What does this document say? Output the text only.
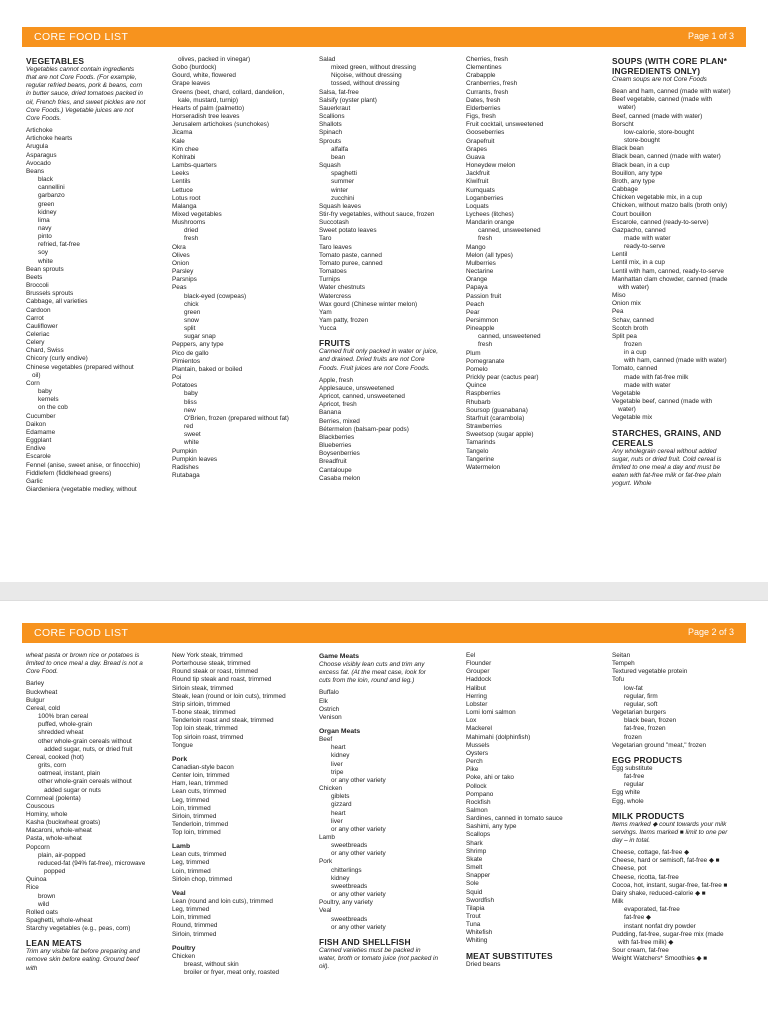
CORE FOOD LIST	Page 1 of 3
VEGETABLES
Vegetables cannot contain ingredients that are not Core Foods. (For example, regular refried beans, pork & beans, corn in butter sauce, dried tomatoes packed in oil, French fries, and sweet pickles are not Core Foods.) Vegetable juices are not Core Foods.
Artichoke
Artichoke hearts
Arugula
Asparagus
Avocado
Beans
black
cannellini
garbanzo
green
kidney
lima
navy
pinto
refried, fat-free
soy
white
Bean sprouts
Beets
Broccoli
Brussels sprouts
Cabbage, all varieties
Cardoon
Carrot
Cauliflower
Celeriac
Celery
Chard, Swiss
Chicory (curly endive)
Chinese vegetables (prepared without
oil)
Corn
baby
kernels
on the cob
Cucumber
Daikon
Edamame
Eggplant
Endive
Escarole
Fennel (anise, sweet anise, or finocchio)
Fiddlefern (fiddlehead greens)
Garlic
Giardeniera (vegetable medley, without
olives, packed in vinegar)
Gobo (burdock)
Gourd, white, flowered
Grape leaves
Greens (beet, chard, collard, dandelion,
kale, mustard, turnip)
Hearts of palm (palmetto)
Horseradish tree leaves
Jerusalem artichokes (sunchokes)
Jicama
Kale
Kim chee
Kohlrabi
Lambs-quarters
Leeks
Lentils
Lettuce
Lotus root
Malanga
Mixed vegetables
Mushrooms
dried
fresh
Okra
Olives
Onion
Parsley
Parsnips
Peas
black-eyed (cowpeas)
chick
green
snow
split
sugar snap
Peppers, any type
Pico de gallo
Pimientos
Plantain, baked or boiled
Poi
Potatoes
baby
bliss
new
O'Brien, frozen (prepared without fat)
red
sweet
white
Pumpkin
Pumpkin leaves
Radishes
Rutabaga
Salad
mixed green, without dressing
Niçoise, without dressing
tossed, without dressing
Salsa, fat-free
Salsify (oyster plant)
Sauerkraut
Scallions
Shallots
Spinach
Sprouts
alfalfa
bean
Squash
spaghetti
summer
winter
zucchini
Squash leaves
Stir-fry vegetables, without sauce, frozen
Succotash
Sweet potato leaves
Taro
Taro leaves
Tomato paste, canned
Tomato puree, canned
Tomatoes
Turnips
Water chestnuts
Watercress
Wax gourd (Chinese winter melon)
Yam
Yam patty, frozen
Yucca
FRUITS
Canned fruit only packed in water or juice, and drained. Dried fruits are not Core Foods. Fruit juices are not Core Foods.
Apple, fresh
Applesauce, unsweetened
Apricot, canned, unsweetened
Apricot, fresh
Banana
Berries, mixed
Bétermelon (balsam-pear pods)
Blackberries
Blueberries
Boysenberries
Breadfruit
Cantaloupe
Casaba melon
Cherries, fresh
Clementines
Crabapple
Cranberries, fresh
Currants, fresh
Dates, fresh
Elderberries
Figs, fresh
Fruit cocktail, unsweetened
Gooseberries
Grapefruit
Grapes
Guava
Honeydew melon
Jackfruit
Kiwifruit
Kumquats
Loganberries
Loquats
Lychees (litches)
Mandarin orange
canned, unsweetened
fresh
Mango
Melon (all types)
Mulberries
Nectarine
Orange
Papaya
Passion fruit
Peach
Pear
Persimmon
Pineapple
canned, unsweetened
fresh
Plum
Pomegranate
Pomelo
Prickly pear (cactus pear)
Quince
Raspberries
Rhubarb
Soursop (guanabana)
Starfruit (carambola)
Strawberries
Sweetsop (sugar apple)
Tamarinds
Tangelo
Tangerine
Watermelon
SOUPS (WITH CORE PLAN* INGREDIENTS ONLY)
Cream soups are not Core Foods
Bean and ham, canned (made with water)
Beef vegetable, canned (made with
water)
Beef, canned (made with water)
Borscht
low-calorie, store-bought
store-bought
Black bean
Black bean, canned (made with water)
Black bean, in a cup
Bouillon, any type
Broth, any type
Cabbage
Chicken vegetable mix, in a cup
Chicken, without matzo balls (broth only)
Court bouillon
Escarole, canned (ready-to-serve)
Gazpacho, canned
made with water
ready-to-serve
Lentil
Lentil mix, in a cup
Lentil with ham, canned, ready-to-serve
Manhattan clam chowder, canned (made
with water)
Miso
Onion mix
Pea
Schav, canned
Scotch broth
Split pea
frozen
in a cup
with ham, canned (made with water)
Tomato, canned
made with fat-free milk
made with water
Vegetable
Vegetable beef, canned (made with
water)
Vegetable mix
STARCHES, GRAINS, AND CEREALS
Any wholegrain cereal without added sugar, nuts or dried fruit. Cold cereal is limited to one meal a day and must be eaten with fat-free milk or fat-free plain yogurt. Whole
CORE FOOD LIST	Page 2 of 3
wheat pasta or brown rice or potatoes is limited to once meal a day. Bread is not a Core Food.
Barley
Buckwheat
Bulgur
Cereal, cold
100% bran cereal
puffed, whole-grain
shredded wheat
other whole-grain cereals without
added sugar, nuts, or dried fruit
Cereal, cooked (hot)
grits, corn
oatmeal, instant, plain
other whole-grain cereals without
added sugar or nuts
Cornmeal (polenta)
Couscous
Hominy, whole
Kasha (buckwheat groats)
Macaroni, whole-wheat
Pasta, whole-wheat
Popcorn
plain, air-popped
reduced-fat (94% fat-free), microwave
popped
Quinoa
Rice
brown
wild
Rolled oats
Spaghetti, whole-wheat
Starchy vegetables (e.g., peas, corn)
LEAN MEATS
Trim any visible fat before preparing and remove skin before eating. Ground beef with
New York steak, trimmed
Porterhouse steak, trimmed
Round steak or roast, trimmed
Round tip steak and roast, trimmed
Sirloin steak, trimmed
Steak, lean (round or loin cuts), trimmed
Strip sirloin, trimmed
T-bone steak, trimmed
Tenderloin roast and steak, trimmed
Top loin steak, trimmed
Top sirloin roast, trimmed
Tongue
Pork
Canadian-style bacon
Center loin, trimmed
Ham, lean, trimmed
Lean cuts, trimmed
Leg, trimmed
Loin, trimmed
Sirloin, trimmed
Tenderloin, trimmed
Top loin, trimmed
Lamb
Lean cuts, trimmed
Leg, trimmed
Loin, trimmed
Sirloin chop, trimmed
Veal
Lean (round and loin cuts), trimmed
Leg, trimmed
Loin, trimmed
Round, trimmed
Sirloin, trimmed
Poultry
Chicken
breast, without skin
broiler or fryer, meat only, roasted
Game Meats
Choose visibly lean cuts and trim any excess fat. (At the meat case, look for cuts from the loin, round and leg.)
Buffalo
Elk
Ostrich
Venison
Organ Meats
Beef
heart
kidney
liver
tripe
or any other variety
Chicken
giblets
gizzard
heart
liver
or any other variety
Lamb
sweetbreads
or any other variety
Pork
chitterlings
kidney
sweetbreads
or any other variety
Poultry, any variety
Veal
sweetbreads
or any other variety
FISH AND SHELLFISH
Canned varieties must be packed in water, broth or tomato juice (not packed in oil).
Eel
Flounder
Grouper
Haddock
Halibut
Herring
Lobster
Lomi lomi salmon
Lox
Mackerel
Mahimahi (dolphinfish)
Mussels
Oysters
Perch
Pike
Poke, ahi or tako
Pollock
Pompano
Rockfish
Salmon
Sardines, canned in tomato sauce
Sashimi, any type
Scallops
Shark
Shrimp
Skate
Smelt
Snapper
Sole
Squid
Swordfish
Tilapia
Trout
Tuna
Whitefish
Whiting
MEAT SUBSTITUTES
Dried beans
Seitan
Tempeh
Textured vegetable protein
Tofu
low-fat
regular, firm
regular, soft
Vegetarian burgers
black bean, frozen
fat-free, frozen
frozen
Vegetarian ground "meat," frozen
EGG PRODUCTS
Egg substitute
fat-free
regular
Egg white
Egg, whole
MILK PRODUCTS
Items marked ◆ count towards your milk servings. Items marked ■ limit to one per day – in total.
Cheese, cottage, fat-free ◆
Cheese, hard or semisoft, fat-free ◆ ■
Cheese, pot
Cheese, ricotta, fat-free
Cocoa, hot, instant, sugar-free, fat-free ■
Dairy shake, reduced-calorie ◆ ■
Milk
evaporated, fat-free
fat-free ◆
instant nonfat dry powder
Pudding, fat-free, sugar-free mix (made
with fat-free milk) ◆
Sour cream, fat-free
Weight Watchers* Smoothies ◆ ■
